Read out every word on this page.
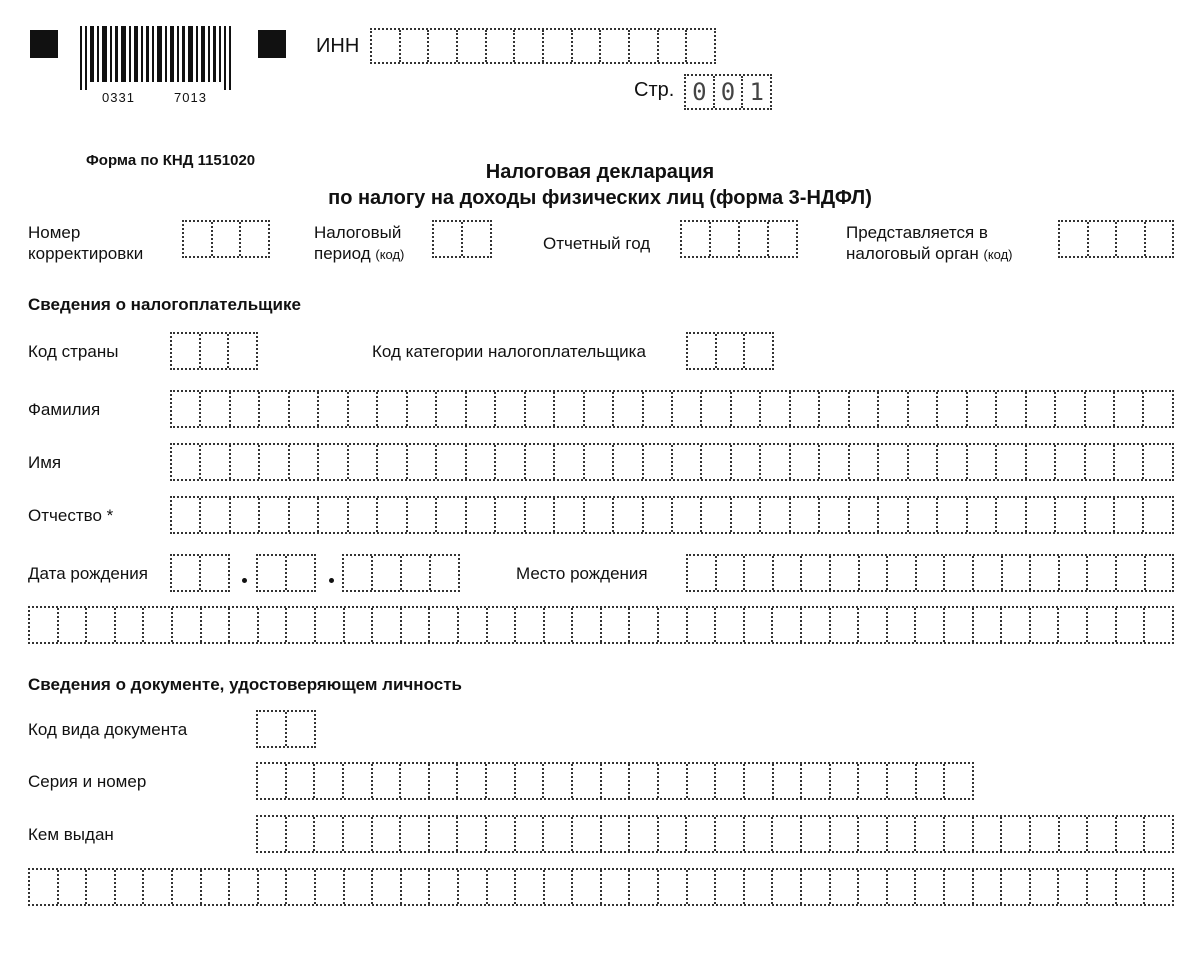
0331	7013
ИНН
Стр. 0 0 1
Форма по КНД 1151020
Налоговая декларация
по налогу на доходы физических лиц (форма 3-НДФЛ)
Номер
корректировки
Налоговый
период (код)
Отчетный год
Представляется в
налоговый орган (код)
Сведения о налогоплательщике
Код страны	Код категории налогоплательщика
Фамилия
Имя
Отчество *
Дата рождения	Место рождения
Сведения о документе, удостоверяющем личность
Код вида документа
Серия и номер
Кем выдан
